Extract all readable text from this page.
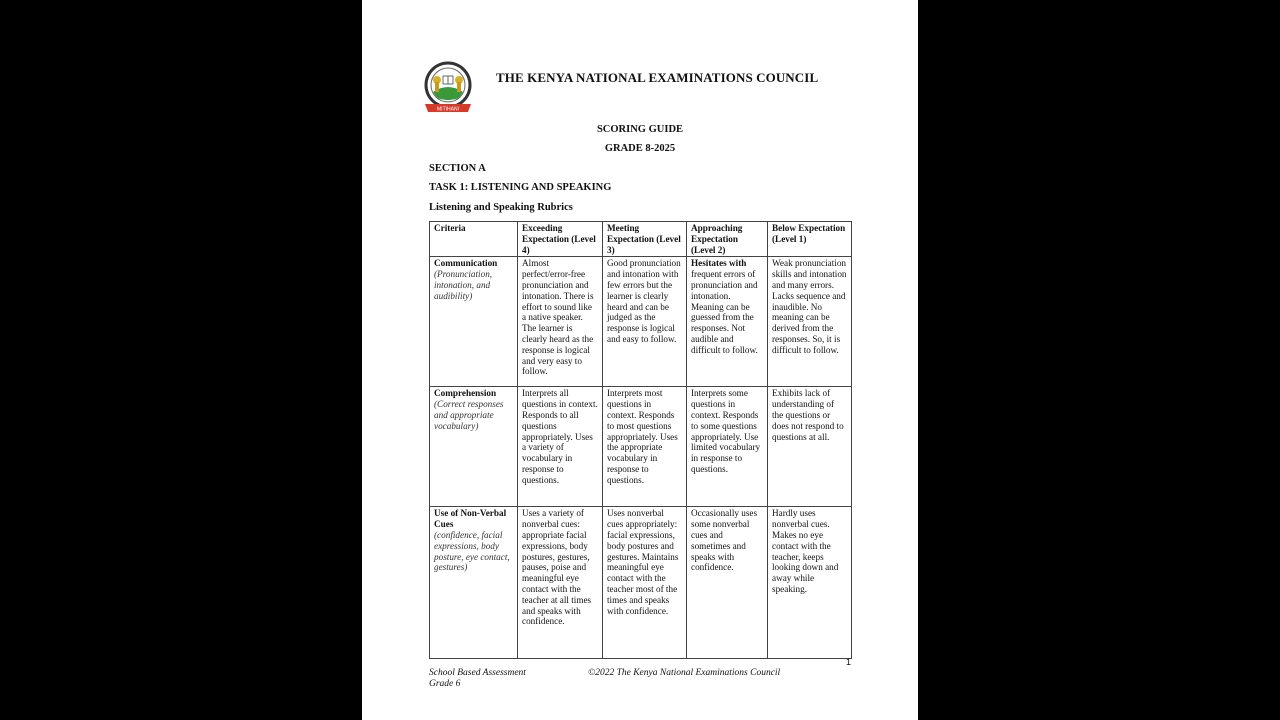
MITIHANI
THE KENYA NATIONAL EXAMINATIONS COUNCIL
SCORING GUIDE
GRADE 8-2025
SECTION A
TASK 1: LISTENING AND SPEAKING
Listening and Speaking Rubrics
Criteria	Exceeding Expectation (Level 4)	Meeting Expectation (Level 3)	Approaching Expectation (Level 2)	Below Expectation (Level 1)

Communication
(Pronunciation, intonation, and audibility)	Almost perfect/error-free pronunciation and intonation. There is effort to sound like a native speaker. The learner is clearly heard as the response is logical and very easy to follow.	Good pronunciation and intonation with few errors but the learner is clearly heard and can be judged as the response is logical and easy to follow.	Hesitates with frequent errors of pronunciation and intonation. Meaning can be guessed from the responses. Not audible and difficult to follow.	Weak pronunciation skills and intonation and many errors. Lacks sequence and inaudible. No meaning can be derived from the responses. So, it is difficult to follow.

Comprehension
(Correct responses and appropriate vocabulary)	Interprets all questions in context. Responds to all questions appropriately. Uses a variety of vocabulary in response to questions.	Interprets most questions in context. Responds to most questions appropriately. Uses the appropriate vocabulary in response to questions.	Interprets some questions in context. Responds to some questions appropriately. Use limited vocabulary in response to questions.	Exhibits lack of understanding of the questions or does not respond to questions at all.

Use of Non-Verbal Cues
(confidence, facial expressions, body posture, eye contact, gestures)	Uses a variety of nonverbal cues: appropriate facial expressions, body postures, gestures, pauses, poise and meaningful eye contact with the teacher at all times and speaks with confidence.	Uses nonverbal cues appropriately: facial expressions, body postures and gestures. Maintains meaningful eye contact with the teacher most of the times and speaks with confidence.	Occasionally uses some nonverbal cues and sometimes and speaks with confidence.	Hardly uses nonverbal cues. Makes no eye contact with the teacher, keeps looking down and away while speaking.
1
School Based Assessment
Grade 6
©2022 The Kenya National Examinations Council
